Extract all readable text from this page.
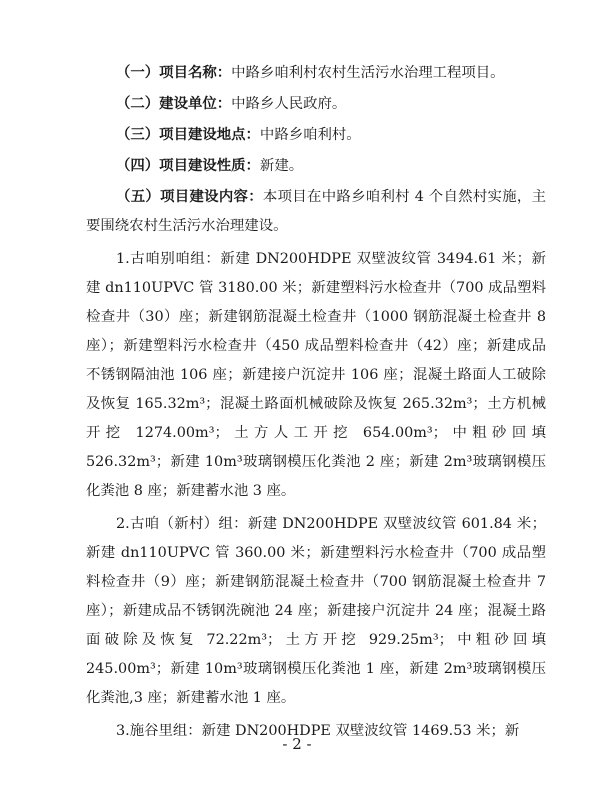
（一）项目名称：中路乡咱利村农村生活污水治理工程项目。

（二）建设单位：中路乡人民政府。

（三）项目建设地点：中路乡咱利村。

（四）项目建设性质：新建。

（五）项目建设内容：本项目在中路乡咱利村 4 个自然村实施，主要围绕农村生活污水治理建设。

1.古咱别咱组：新建 DN200HDPE 双壁波纹管 3494.61 米；新建 dn110UPVC 管 3180.00 米；新建塑料污水检查井（700 成品塑料检查井（30）座；新建钢筋混凝土检查井（1000 钢筋混凝土检查井 8 座）；新建塑料污水检查井（450 成品塑料检查井（42）座；新建成品不锈钢隔油池 106 座；新建接户沉淀井 106 座；混凝土路面人工破除及恢复 165.32m³；混凝土路面机械破除及恢复 265.32m³；土方机械开挖 1274.00m³；土方人工开挖 654.00m³；中粗砂回填 526.32m³；新建 10m³玻璃钢模压化粪池 2 座；新建 2m³玻璃钢模压化粪池 8 座；新建蓄水池 3 座。

2.古咱（新村）组：新建 DN200HDPE 双壁波纹管 601.84 米；新建 dn110UPVC 管 360.00 米；新建塑料污水检查井（700 成品塑料检查井（9）座；新建钢筋混凝土检查井（700 钢筋混凝土检查井 7 座）；新建成品不锈钢洗碗池 24 座；新建接户沉淀井 24 座；混凝土路面破除及恢复 72.22m³；土方开挖 929.25m³；中粗砂回填 245.00m³；新建 10m³玻璃钢模压化粪池 1 座，新建 2m³玻璃钢模压化粪池,3 座；新建蓄水池 1 座。

3.施谷里组：新建 DN200HDPE 双壁波纹管 1469.53 米；新

- 2 -
